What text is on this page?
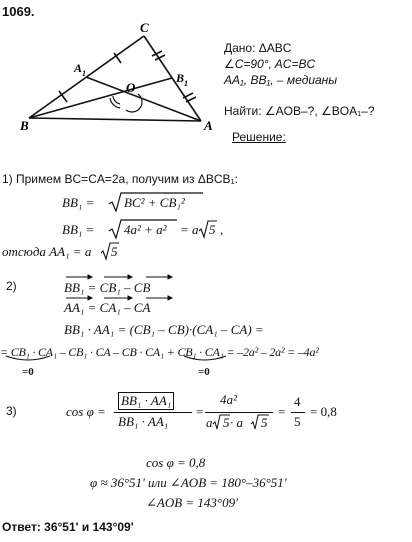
1069.
C
A 1	B 1
O
B	A
Дано: ΔABC
∠C=90°, AC=BC
AA₁, BB₁, – медианы
Найти: ∠AOB–?, ∠BOA₁–?
Решение:
1) Примем BC=CA=2a, получим из ΔBCB₁:
BB₁ = BC² + CB₁²
BB₁ = 4a² + a² = a 5 ,
отсюда AA₁ = a 5
2)	BB₁ = CB₁ – CB
AA₁ = CA₁ – CA
BB₁ · AA₁ = (CB₁ – CB)·(CA₁ – CA) =
= CB₁ · CA₁ – CB₁ · CA – CB · CA₁ + CB₁ · CA₁ = –2a² – 2a² = –4a²
=0	=0
3)	cos φ =
BB₁ · AA₁
BB₁ · AA₁
=
4a²
a 5 · a 5
=
4
5
= 0,8
cos φ = 0,8
φ ≈ 36°51' или ∠AOB = 180°–36°51'
∠AOB = 143°09'
Ответ: 36°51' и 143°09'
